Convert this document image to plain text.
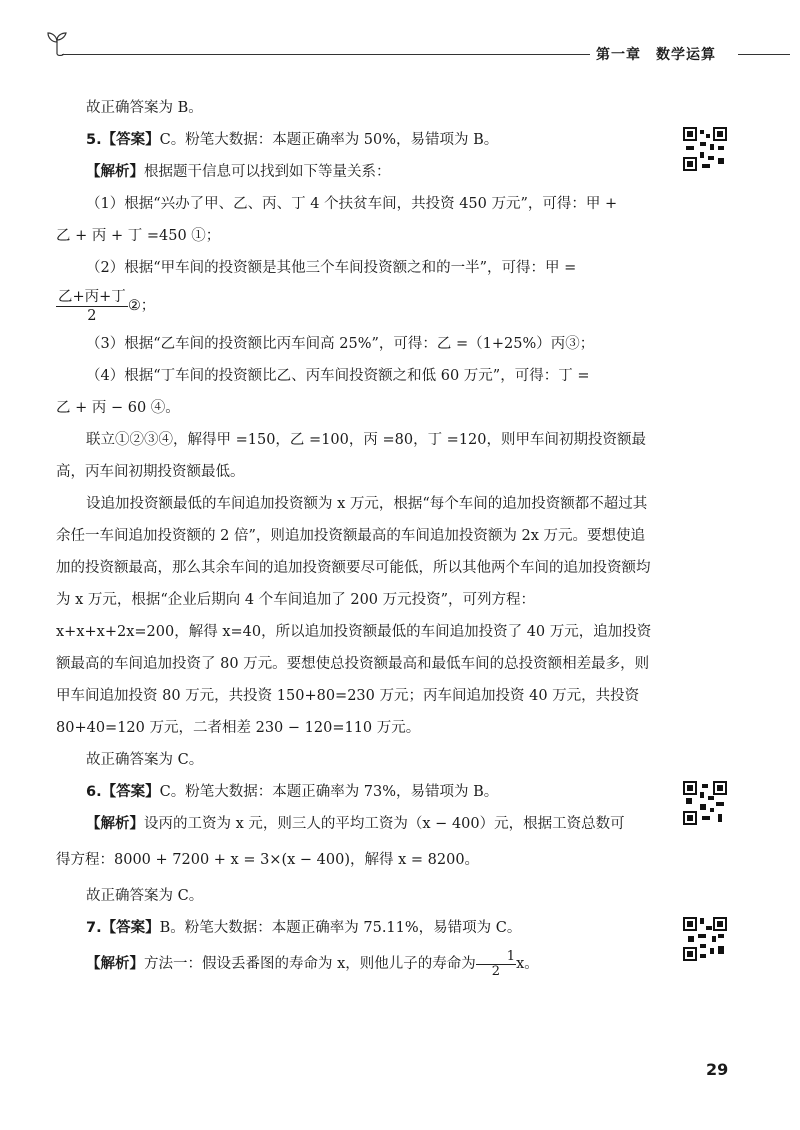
第一章　数学运算

故正确答案为 B。

5.【答案】C。粉笔大数据：本题正确率为 50%，易错项为 B。

【解析】根据题干信息可以找到如下等量关系：

（1）根据“兴办了甲、乙、丙、丁 4 个扶贫车间，共投资 450 万元”，可得：甲 +

乙 + 丙 + 丁 =450 ①；

（2）根据“甲车间的投资额是其他三个车间投资额之和的一半”，可得：甲 =

$\frac{\text{乙+丙+丁}}{2}$ ②；

（3）根据“乙车间的投资额比丙车间高 25%”，可得：乙 =（1+25%）丙③；

（4）根据“丁车间的投资额比乙、丙车间投资额之和低 60 万元”，可得：丁 =

乙 + 丙 − 60 ④。

联立①②③④，解得甲 =150，乙 =100，丙 =80，丁 =120，则甲车间初期投资额最高，丙车间初期投资额最低。

设追加投资额最低的车间追加投资额为 x 万元，根据“每个车间的追加投资额都不超过其余任一车间追加投资额的 2 倍”，则追加投资额最高的车间追加投资额为 2x 万元。要想使追加的投资额最高，那么其余车间的追加投资额要尽可能低，所以其他两个车间的追加投资额均为 x 万元，根据“企业后期向 4 个车间追加了 200 万元投资”，可列方程：x+x+x+2x=200，解得 x=40，所以追加投资额最低的车间追加投资了 40 万元，追加投资额最高的车间追加投资了 80 万元。要想使总投资额最高和最低车间的总投资额相差最多，则甲车间追加投资 80 万元，共投资 150+80=230 万元；丙车间追加投资 40 万元，共投资 80+40=120 万元，二者相差 230 − 120=110 万元。

故正确答案为 C。

6.【答案】C。粉笔大数据：本题正确率为 73%，易错项为 B。

【解析】设丙的工资为 x 元，则三人的平均工资为（x − 400）元，根据工资总数可

得方程：8000 + 7200 + x = 3×(x − 400)，解得 x = 8200。

故正确答案为 C。

7.【答案】B。粉笔大数据：本题正确率为 75.11%，易错项为 C。

【解析】方法一：假设丢番图的寿命为 x，则他儿子的寿命为 $\frac{1}{2}x$。

29
